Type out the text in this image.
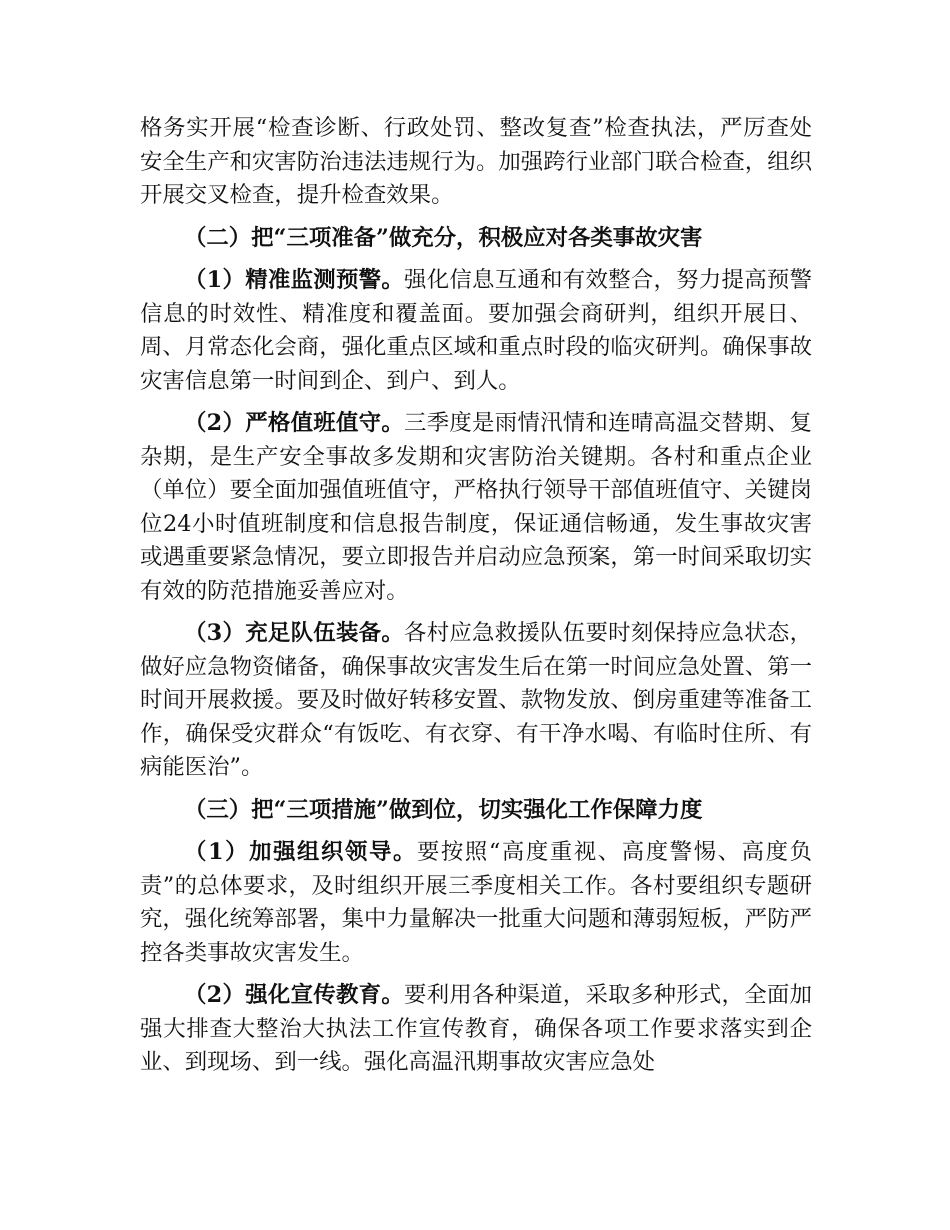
格务实开展“检查诊断、行政处罚、整改复查”检查执法，严厉查处安全生产和灾害防治违法违规行为。加强跨行业部门联合检查，组织开展交叉检查，提升检查效果。

（二）把“三项准备”做充分，积极应对各类事故灾害

（1）精准监测预警。强化信息互通和有效整合，努力提高预警信息的时效性、精准度和覆盖面。要加强会商研判，组织开展日、周、月常态化会商，强化重点区域和重点时段的临灾研判。确保事故灾害信息第一时间到企、到户、到人。

（2）严格值班值守。三季度是雨情汛情和连晴高温交替期、复杂期，是生产安全事故多发期和灾害防治关键期。各村和重点企业（单位）要全面加强值班值守，严格执行领导干部值班值守、关键岗位24小时值班制度和信息报告制度，保证通信畅通，发生事故灾害或遇重要紧急情况，要立即报告并启动应急预案，第一时间采取切实有效的防范措施妥善应对。

（3）充足队伍装备。各村应急救援队伍要时刻保持应急状态，做好应急物资储备，确保事故灾害发生后在第一时间应急处置、第一时间开展救援。要及时做好转移安置、款物发放、倒房重建等准备工作，确保受灾群众“有饭吃、有衣穿、有干净水喝、有临时住所、有病能医治”。

（三）把“三项措施”做到位，切实强化工作保障力度

（1）加强组织领导。要按照“高度重视、高度警惕、高度负责”的总体要求，及时组织开展三季度相关工作。各村要组织专题研究，强化统筹部署，集中力量解决一批重大问题和薄弱短板，严防严控各类事故灾害发生。

（2）强化宣传教育。要利用各种渠道，采取多种形式，全面加强大排查大整治大执法工作宣传教育，确保各项工作要求落实到企业、到现场、到一线。强化高温汛期事故灾害应急处
